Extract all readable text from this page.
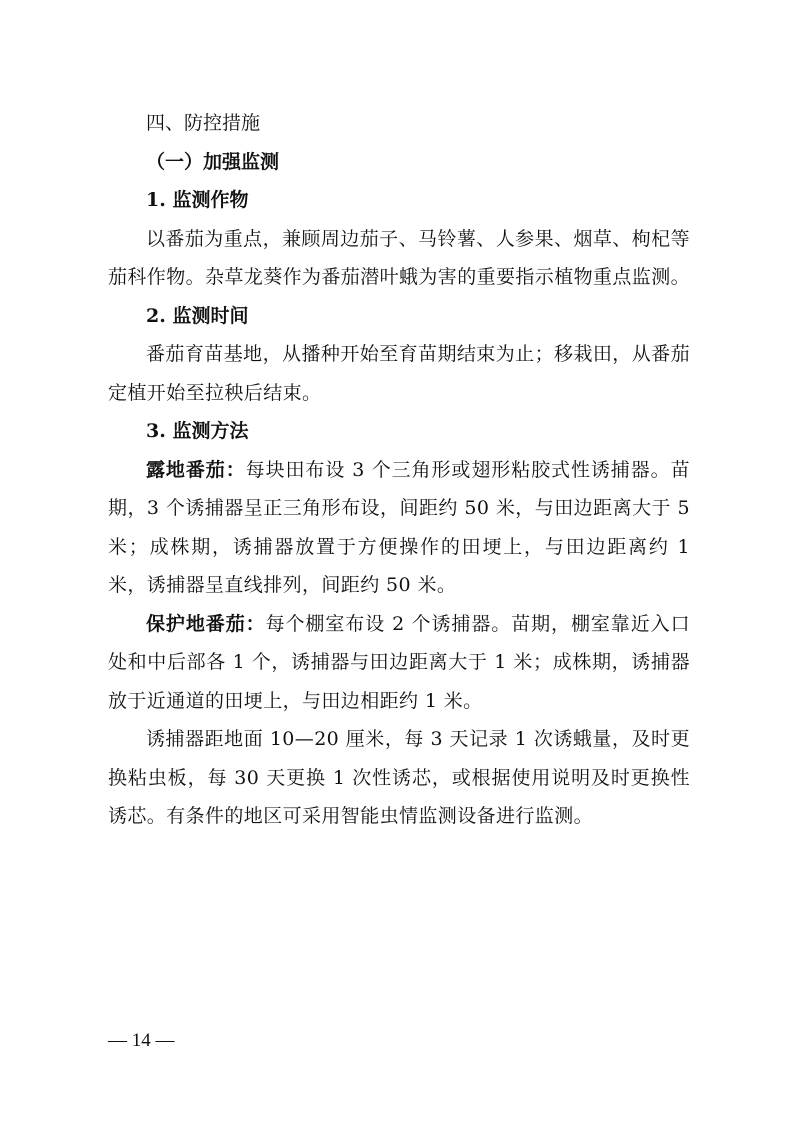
四、防控措施
（一）加强监测
1. 监测作物

以番茄为重点，兼顾周边茄子、马铃薯、人参果、烟草、枸杞等茄科作物。杂草龙葵作为番茄潜叶蛾为害的重要指示植物重点监测。

2. 监测时间

番茄育苗基地，从播种开始至育苗期结束为止；移栽田，从番茄定植开始至拉秧后结束。

3. 监测方法

露地番茄：每块田布设 3 个三角形或翅形粘胶式性诱捕器。苗期，3 个诱捕器呈正三角形布设，间距约 50 米，与田边距离大于 5 米；成株期，诱捕器放置于方便操作的田埂上，与田边距离约 1 米，诱捕器呈直线排列，间距约 50 米。

保护地番茄：每个棚室布设 2 个诱捕器。苗期，棚室靠近入口处和中后部各 1 个，诱捕器与田边距离大于 1 米；成株期，诱捕器放于近通道的田埂上，与田边相距约 1 米。

诱捕器距地面 10—20 厘米，每 3 天记录 1 次诱蛾量，及时更换粘虫板，每 30 天更换 1 次性诱芯，或根据使用说明及时更换性诱芯。有条件的地区可采用智能虫情监测设备进行监测。

— 14 —
